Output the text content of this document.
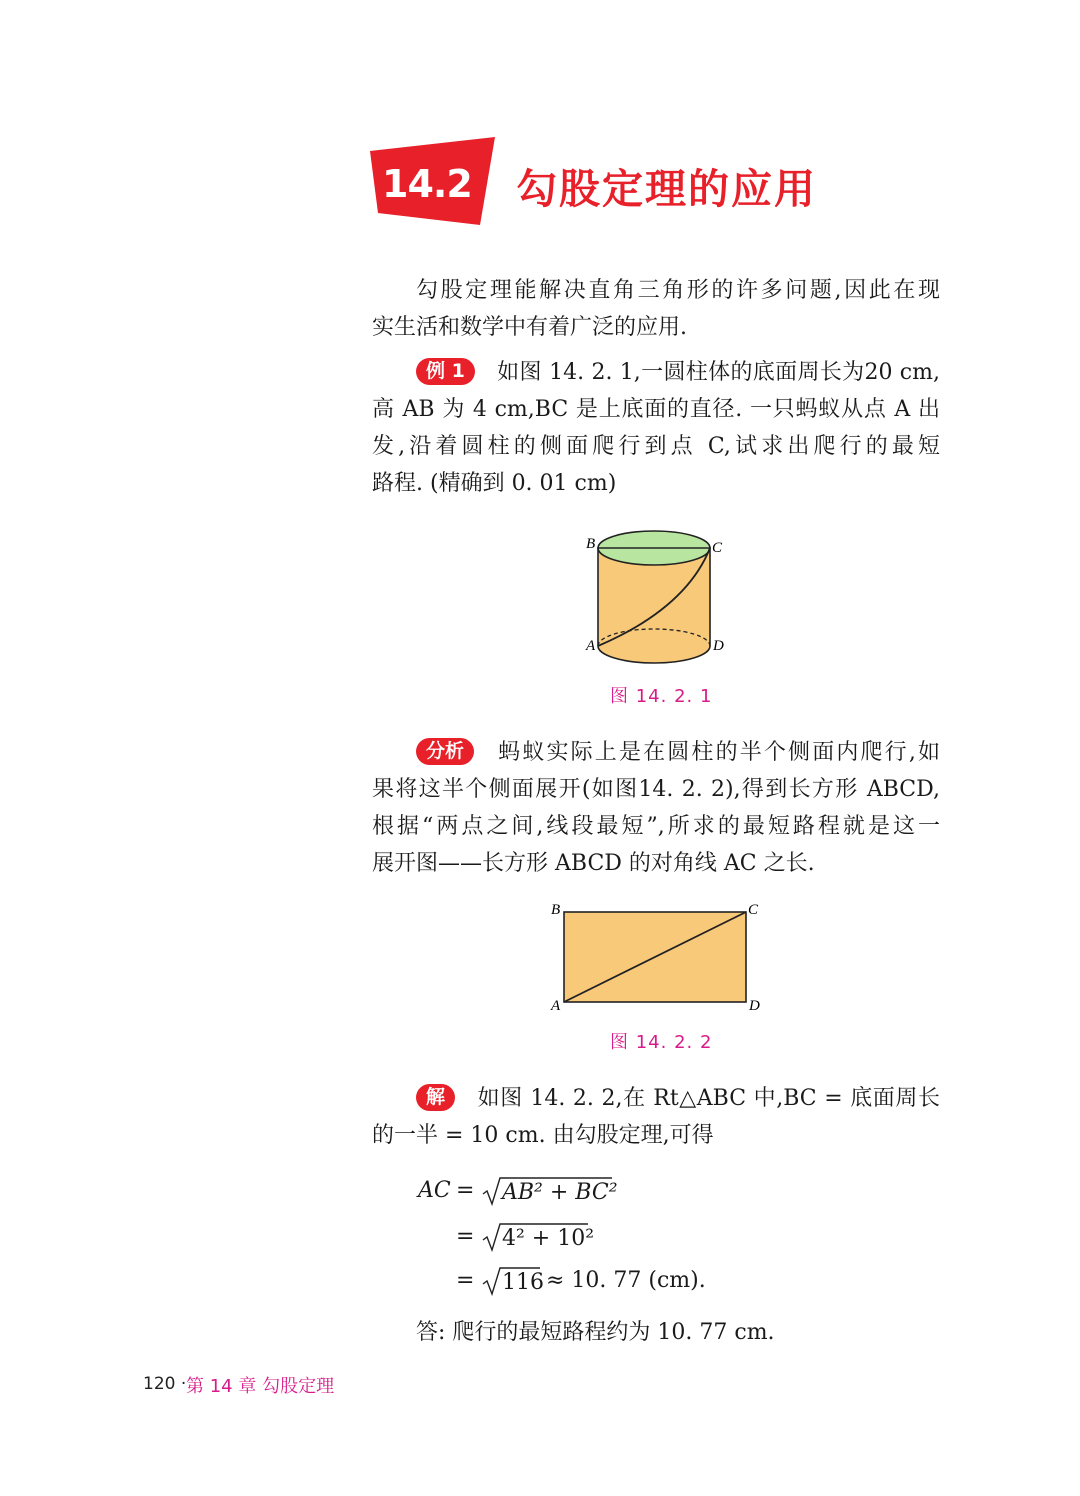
14.2 勾股定理的应用
勾股定理能解决直角三角形的许多问题,因此在现
实生活和数学中有着广泛的应用.
例 1 如图 14. 2. 1,一圆柱体的底面周长为20 cm,
高 AB 为 4 cm,BC 是上底面的直径. 一只蚂蚁从点 A 出
发,沿着圆柱的侧面爬行到点 C,试求出爬行的最短
路程. (精确到 0. 01 cm)
B	C
A	D
图 14. 2. 1
分析 蚂蚁实际上是在圆柱的半个侧面内爬行,如
果将这半个侧面展开(如图14. 2. 2),得到长方形 ABCD,
根据“两点之间,线段最短”,所求的最短路程就是这一
展开图——长方形 ABCD 的对角线 AC 之长.
B	C
A	D
图 14. 2. 2
解 如图 14. 2. 2,在 Rt△ABC 中,BC = 底面周长
的一半 = 10 cm. 由勾股定理,可得
AC = AB² + BC²
= 4² + 10²
= 116 ≈ 10. 77 (cm).
答: 爬行的最短路程约为 10. 77 cm.
120 · 第 14 章 勾股定理
